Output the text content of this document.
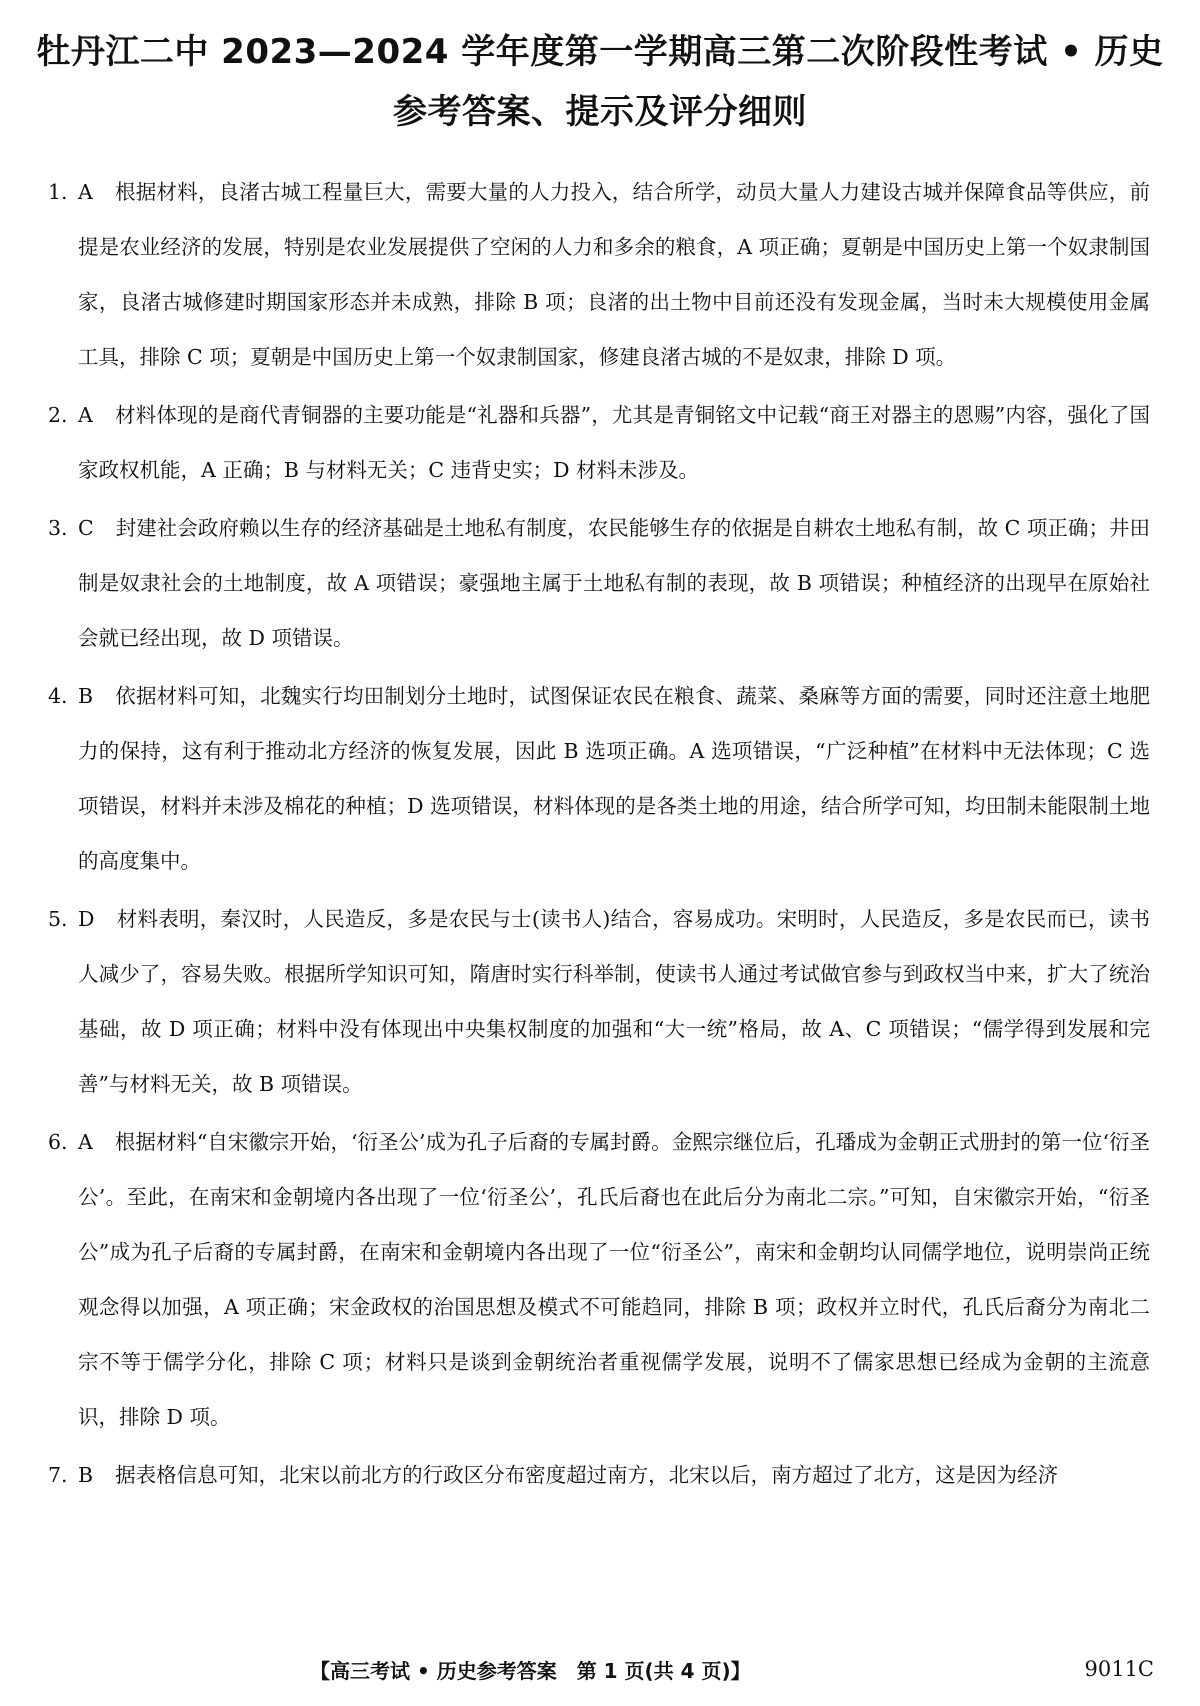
牡丹江二中 2023—2024 学年度第一学期高三第二次阶段性考试 • 历史
参考答案、提示及评分细则
1. A 根据材料，良渚古城工程量巨大，需要大量的人力投入，结合所学，动员大量人力建设古城并保障食品等供应，前提是农业经济的发展，特别是农业发展提供了空闲的人力和多余的粮食，A 项正确；夏朝是中国历史上第一个奴隶制国家，良渚古城修建时期国家形态并未成熟，排除 B 项；良渚的出土物中目前还没有发现金属，当时未大规模使用金属工具，排除 C 项；夏朝是中国历史上第一个奴隶制国家，修建良渚古城的不是奴隶，排除 D 项。
2. A 材料体现的是商代青铜器的主要功能是“礼器和兵器”，尤其是青铜铭文中记载“商王对器主的恩赐”内容，强化了国家政权机能，A 正确；B 与材料无关；C 违背史实；D 材料未涉及。
3. C 封建社会政府赖以生存的经济基础是土地私有制度，农民能够生存的依据是自耕农土地私有制，故 C 项正确；井田制是奴隶社会的土地制度，故 A 项错误；豪强地主属于土地私有制的表现，故 B 项错误；种植经济的出现早在原始社会就已经出现，故 D 项错误。
4. B 依据材料可知，北魏实行均田制划分土地时，试图保证农民在粮食、蔬菜、桑麻等方面的需要，同时还注意土地肥力的保持，这有利于推动北方经济的恢复发展，因此 B 选项正确。A 选项错误，“广泛种植”在材料中无法体现；C 选项错误，材料并未涉及棉花的种植；D 选项错误，材料体现的是各类土地的用途，结合所学可知，均田制未能限制土地的高度集中。
5. D 材料表明，秦汉时，人民造反，多是农民与士(读书人)结合，容易成功。宋明时，人民造反，多是农民而已，读书人减少了，容易失败。根据所学知识可知，隋唐时实行科举制，使读书人通过考试做官参与到政权当中来，扩大了统治基础，故 D 项正确；材料中没有体现出中央集权制度的加强和“大一统”格局，故 A、C 项错误；“儒学得到发展和完善”与材料无关，故 B 项错误。
6. A 根据材料“自宋徽宗开始，‘衍圣公’成为孔子后裔的专属封爵。金熙宗继位后，孔璠成为金朝正式册封的第一位‘衍圣公’。至此，在南宋和金朝境内各出现了一位‘衍圣公’，孔氏后裔也在此后分为南北二宗。”可知，自宋徽宗开始，“衍圣公”成为孔子后裔的专属封爵，在南宋和金朝境内各出现了一位“衍圣公”，南宋和金朝均认同儒学地位，说明崇尚正统观念得以加强，A 项正确；宋金政权的治国思想及模式不可能趋同，排除 B 项；政权并立时代，孔氏后裔分为南北二宗不等于儒学分化，排除 C 项；材料只是谈到金朝统治者重视儒学发展，说明不了儒家思想已经成为金朝的主流意识，排除 D 项。
7. B 据表格信息可知，北宋以前北方的行政区分布密度超过南方，北宋以后，南方超过了北方，这是因为经济
【高三考试 • 历史参考答案　第 1 页(共 4 页)】	9011C
